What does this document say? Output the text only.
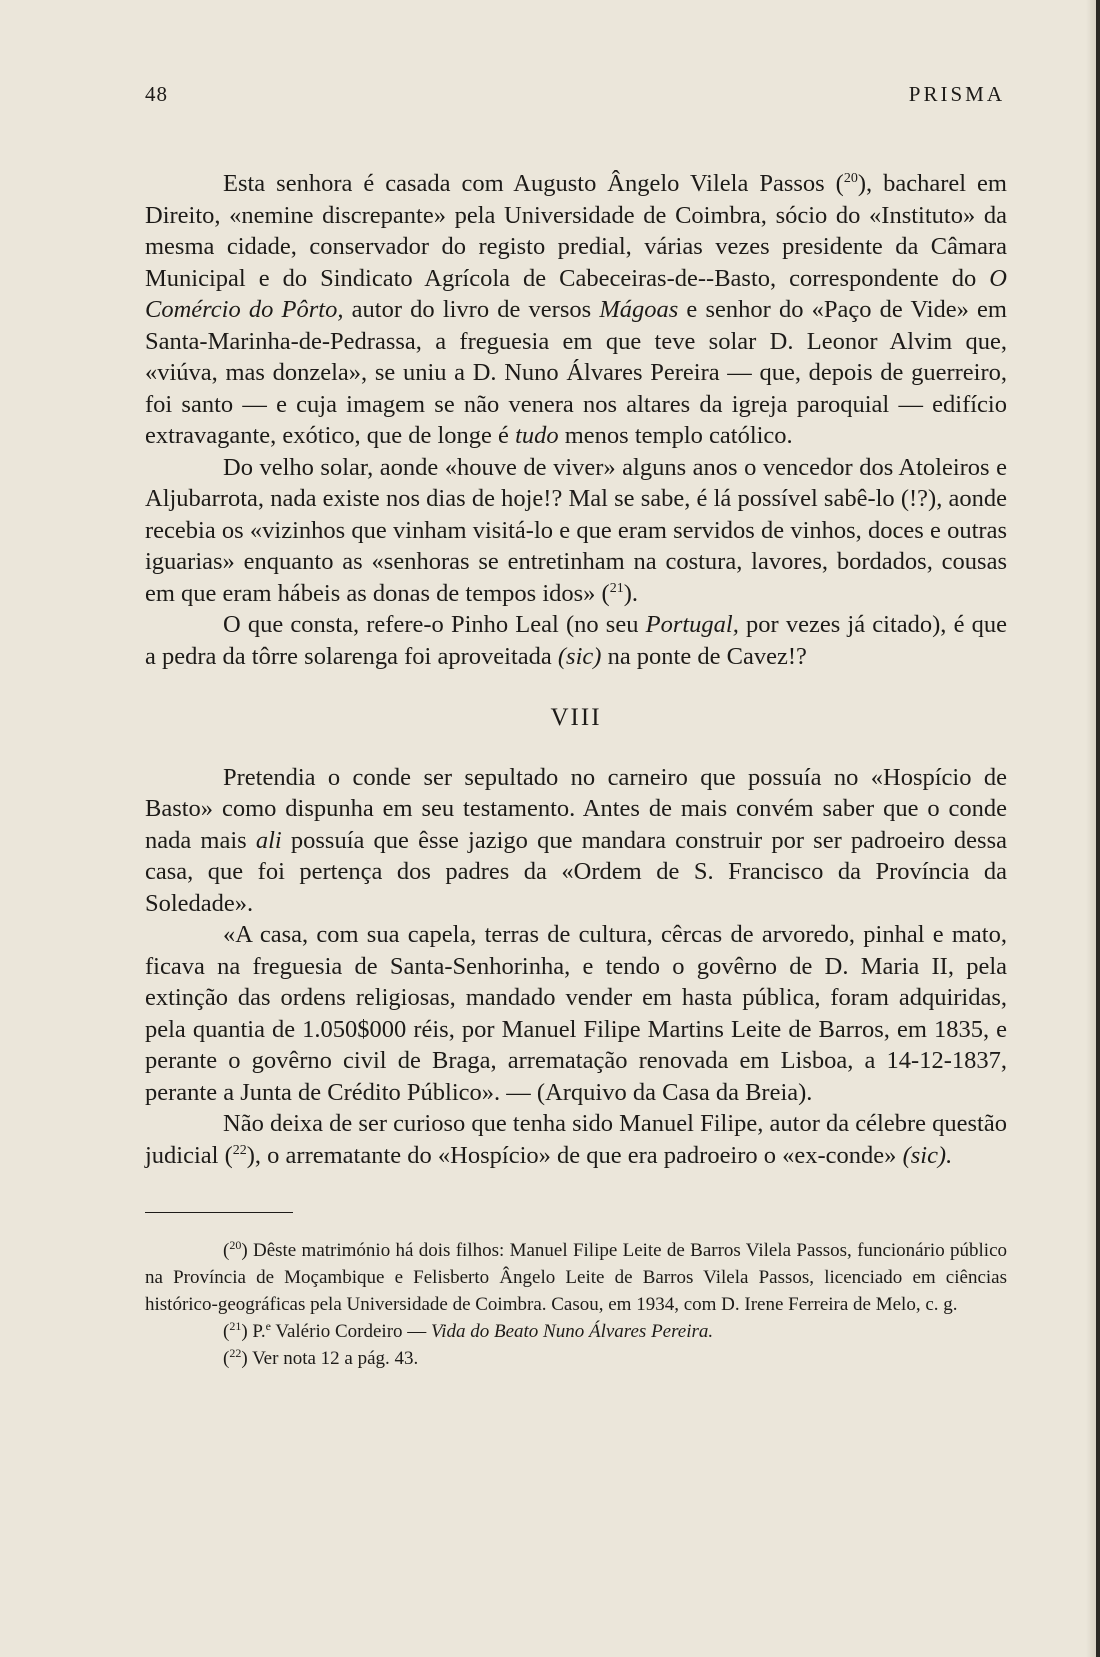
48	PRISMA

Esta senhora é casada com Augusto Ângelo Vilela Passos ($^{20}$), bacharel em Direito, «nemine discrepante» pela Universidade de Coimbra, sócio do «Instituto» da mesma cidade, conservador do registo predial, várias vezes presidente da Câmara Municipal e do Sindicato Agrícola de Cabeceiras-de--Basto, correspondente do O Comércio do Pôrto, autor do livro de versos Mágoas e senhor do «Paço de Vide» em Santa-Marinha-de-Pedrassa, a freguesia em que teve solar D. Leonor Alvim que, «viúva, mas donzela», se uniu a D. Nuno Álvares Pereira — que, depois de guerreiro, foi santo — e cuja imagem se não venera nos altares da igreja paroquial — edifício extravagante, exótico, que de longe é tudo menos templo católico.

Do velho solar, aonde «houve de viver» alguns anos o vencedor dos Atoleiros e Aljubarrota, nada existe nos dias de hoje!? Mal se sabe, é lá possível sabê-lo (!?), aonde recebia os «vizinhos que vinham visitá-lo e que eram servidos de vinhos, doces e outras iguarias» enquanto as «senhoras se entretinham na costura, lavores, bordados, cousas em que eram hábeis as donas de tempos idos» ($^{21}$).

O que consta, refere-o Pinho Leal (no seu Portugal, por vezes já citado), é que a pedra da tôrre solarenga foi aproveitada (sic) na ponte de Cavez!?

VIII

Pretendia o conde ser sepultado no carneiro que possuía no «Hospício de Basto» como dispunha em seu testamento. Antes de mais convém saber que o conde nada mais ali possuía que êsse jazigo que mandara construir por ser padroeiro dessa casa, que foi pertença dos padres da «Ordem de S. Francisco da Província da Soledade».

«A casa, com sua capela, terras de cultura, cêrcas de arvoredo, pinhal e mato, ficava na freguesia de Santa-Senhorinha, e tendo o govêrno de D. Maria II, pela extinção das ordens religiosas, mandado vender em hasta pública, foram adquiridas, pela quantia de 1.050$000 réis, por Manuel Filipe Martins Leite de Barros, em 1835, e perante o govêrno civil de Braga, arrematação renovada em Lisboa, a 14-12-1837, perante a Junta de Crédito Público». — (Arquivo da Casa da Breia).

Não deixa de ser curioso que tenha sido Manuel Filipe, autor da célebre questão judicial ($^{22}$), o arrematante do «Hospício» de que era padroeiro o «ex-conde» (sic).

($^{20}$) Dêste matrimónio há dois filhos: Manuel Filipe Leite de Barros Vilela Passos, funcionário público na Província de Moçambique e Felisberto Ângelo Leite de Barros Vilela Passos, licenciado em ciências histórico-geográficas pela Universidade de Coimbra. Casou, em 1934, com D. Irene Ferreira de Melo, c. g.

($^{21}$) P.$^e$ Valério Cordeiro — Vida do Beato Nuno Álvares Pereira.

($^{22}$) Ver nota 12 a pág. 43.
